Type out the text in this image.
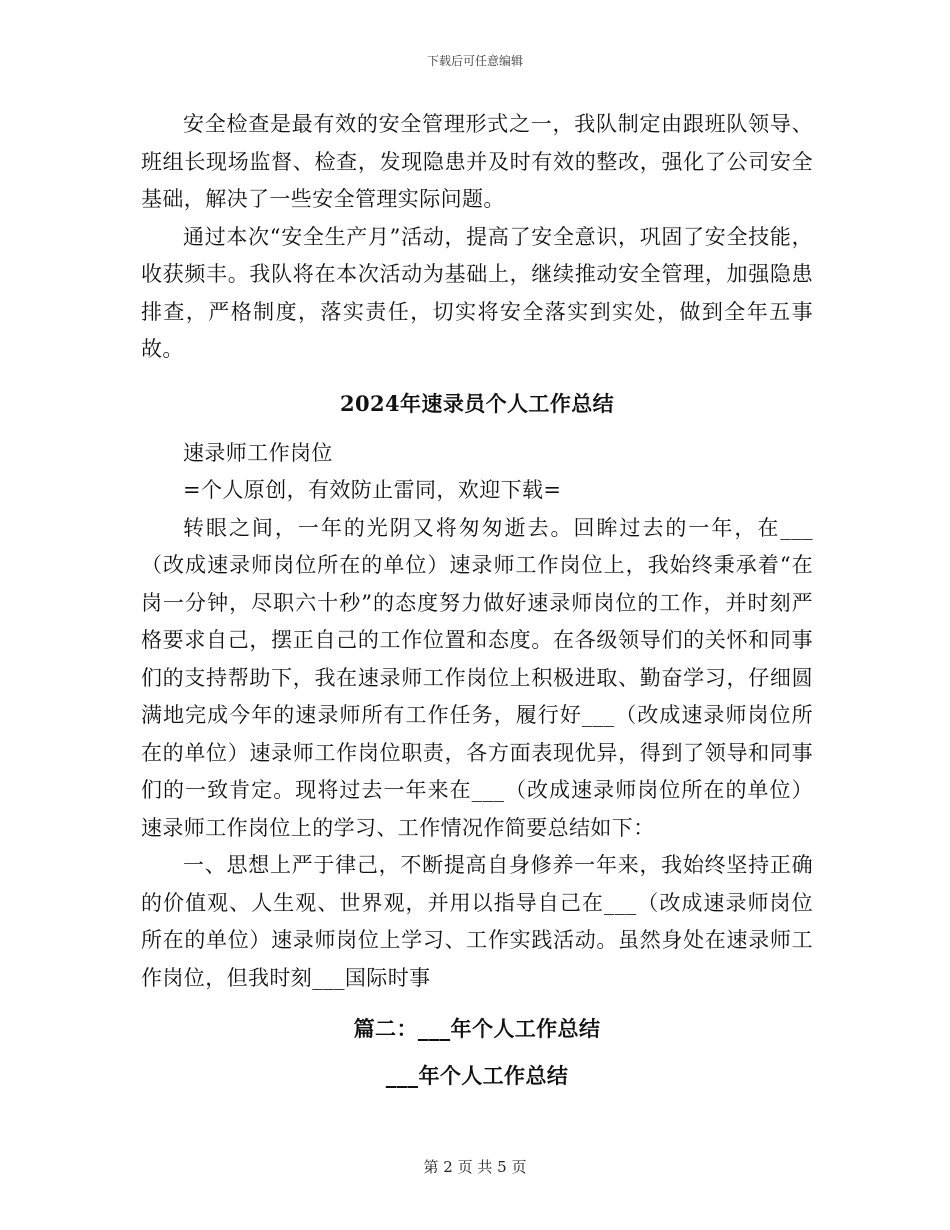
下载后可任意编辑

安全检查是最有效的安全管理形式之一，我队制定由跟班队领导、班组长现场监督、检查，发现隐患并及时有效的整改，强化了公司安全基础，解决了一些安全管理实际问题。

通过本次“安全生产月”活动，提高了安全意识，巩固了安全技能，收获频丰。我队将在本次活动为基础上，继续推动安全管理，加强隐患排查，严格制度，落实责任，切实将安全落实到实处，做到全年五事故。

2024年速录员个人工作总结

速录师工作岗位

=个人原创，有效防止雷同，欢迎下载=

转眼之间，一年的光阴又将匆匆逝去。回眸过去的一年，在___（改成速录师岗位所在的单位）速录师工作岗位上，我始终秉承着“在岗一分钟，尽职六十秒”的态度努力做好速录师岗位的工作，并时刻严格要求自己，摆正自己的工作位置和态度。在各级领导们的关怀和同事们的支持帮助下，我在速录师工作岗位上积极进取、勤奋学习，仔细圆满地完成今年的速录师所有工作任务，履行好___（改成速录师岗位所在的单位）速录师工作岗位职责，各方面表现优异，得到了领导和同事们的一致肯定。现将过去一年来在___（改成速录师岗位所在的单位）速录师工作岗位上的学习、工作情况作简要总结如下：

一、思想上严于律己，不断提高自身修养一年来，我始终坚持正确的价值观、人生观、世界观，并用以指导自己在___（改成速录师岗位所在的单位）速录师岗位上学习、工作实践活动。虽然身处在速录师工作岗位，但我时刻___国际时事

篇二：___年个人工作总结

___年个人工作总结

第 2 页 共 5 页
